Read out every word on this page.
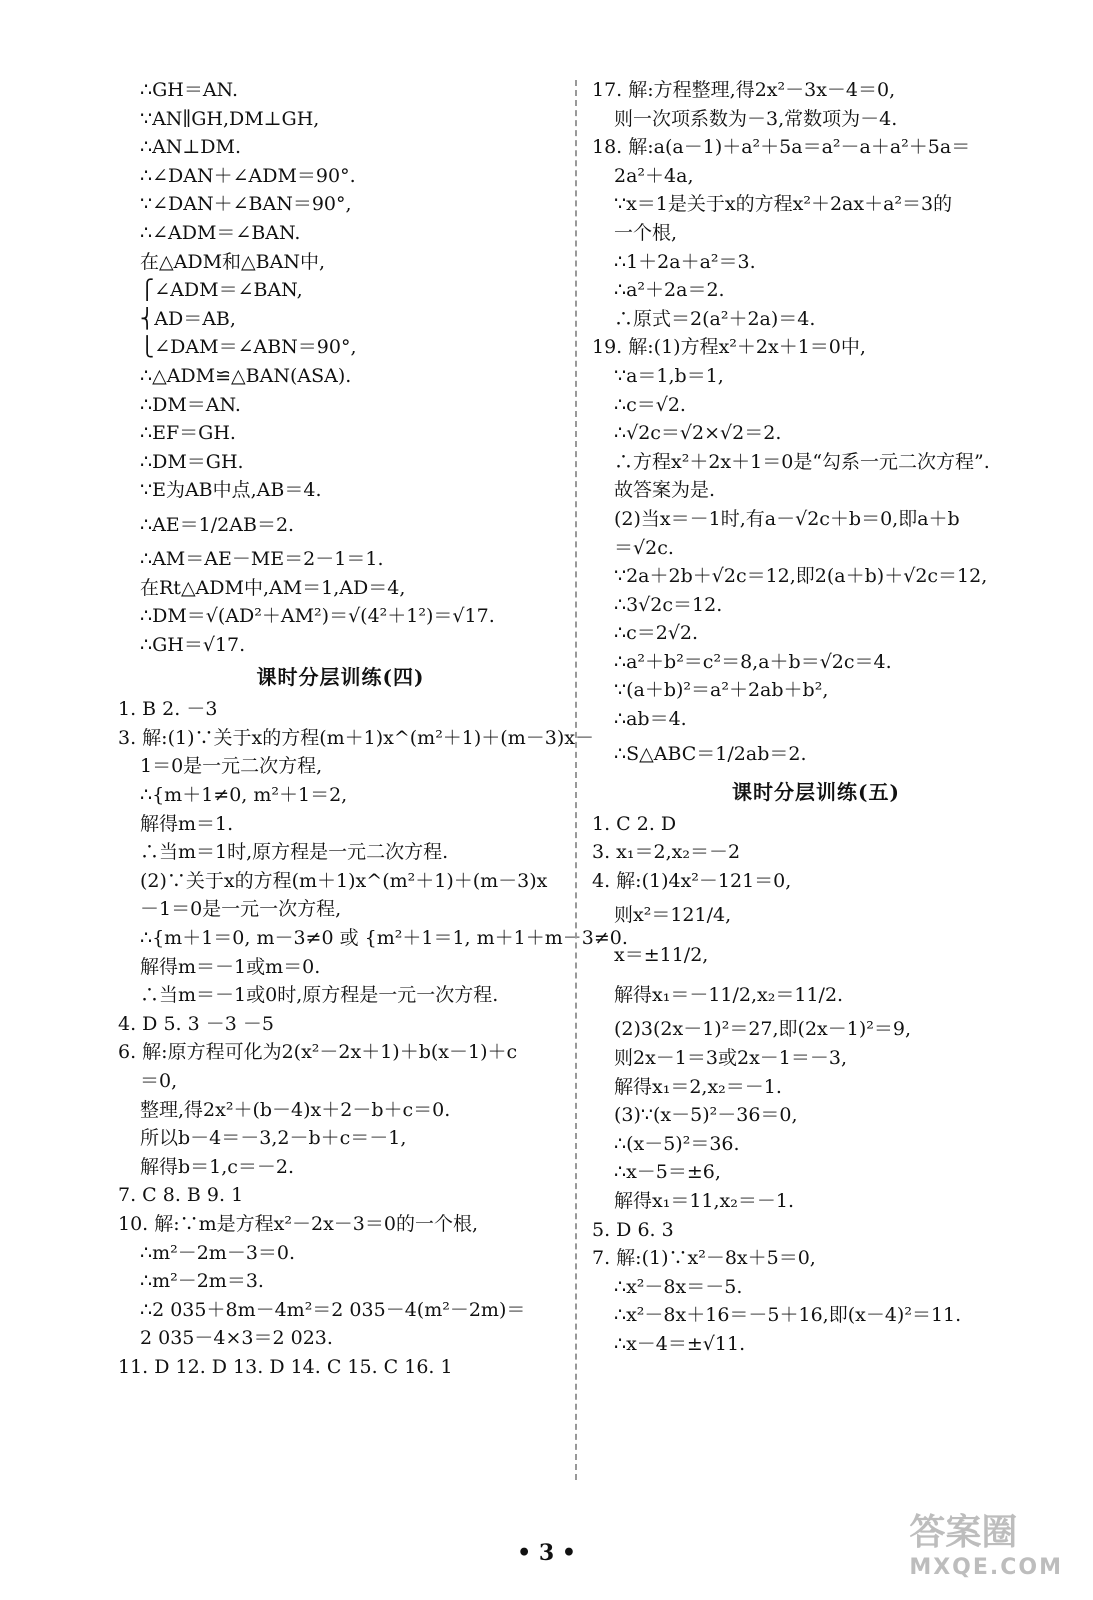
∴GH＝AN.
∵AN∥GH,DM⊥GH,
∴AN⊥DM.
∴∠DAN＋∠ADM＝90°.
∵∠DAN＋∠BAN＝90°,
∴∠ADM＝∠BAN.
在△ADM和△BAN中,
⎧∠ADM＝∠BAN,
⎨AD＝AB,
⎩∠DAM＝∠ABN＝90°,
∴△ADM≌△BAN(ASA).
∴DM＝AN.
∴EF＝GH.
∴DM＝GH.
∵E为AB中点,AB＝4.
∴AE＝1/2AB＝2.
∴AM＝AE－ME＝2－1＝1.
在Rt△ADM中,AM＝1,AD＝4,
∴DM＝√(AD²＋AM²)＝√(4²＋1²)＝√17.
∴GH＝√17.
课时分层训练(四)
1. B 2. －3
3. 解:(1)∵关于x的方程(m＋1)x^(m²＋1)＋(m－3)x－
1＝0是一元二次方程,
∴{m＋1≠0, m²＋1＝2,
解得m＝1.
∴当m＝1时,原方程是一元二次方程.
(2)∵关于x的方程(m＋1)x^(m²＋1)＋(m－3)x
－1＝0是一元一次方程,
∴{m＋1＝0, m－3≠0 或 {m²＋1＝1, m＋1＋m－3≠0.
解得m＝－1或m＝0.
∴当m＝－1或0时,原方程是一元一次方程.
4. D 5. 3 －3 －5
6. 解:原方程可化为2(x²－2x＋1)＋b(x－1)＋c
＝0,
整理,得2x²＋(b－4)x＋2－b＋c＝0.
所以b－4＝－3,2－b＋c＝－1,
解得b＝1,c＝－2.
7. C 8. B 9. 1
10. 解:∵m是方程x²－2x－3＝0的一个根,
∴m²－2m－3＝0.
∴m²－2m＝3.
∴2 035＋8m－4m²＝2 035－4(m²－2m)＝
2 035－4×3＝2 023.
11. D 12. D 13. D 14. C 15. C 16. 1
17. 解:方程整理,得2x²－3x－4＝0,
则一次项系数为－3,常数项为－4.
18. 解:a(a－1)＋a²＋5a＝a²－a＋a²＋5a＝
2a²＋4a,
∵x＝1是关于x的方程x²＋2ax＋a²＝3的
一个根,
∴1＋2a＋a²＝3.
∴a²＋2a＝2.
∴原式＝2(a²＋2a)＝4.
19. 解:(1)方程x²＋2x＋1＝0中,
∵a＝1,b＝1,
∴c＝√2.
∴√2c＝√2×√2＝2.
∴方程x²＋2x＋1＝0是“勾系一元二次方程”.
故答案为是.
(2)当x＝－1时,有a－√2c＋b＝0,即a＋b
＝√2c.
∵2a＋2b＋√2c＝12,即2(a＋b)＋√2c＝12,
∴3√2c＝12.
∴c＝2√2.
∴a²＋b²＝c²＝8,a＋b＝√2c＝4.
∵(a＋b)²＝a²＋2ab＋b²,
∴ab＝4.
∴S△ABC＝1/2ab＝2.
课时分层训练(五)
1. C 2. D
3. x₁＝2,x₂＝－2
4. 解:(1)4x²－121＝0,
则x²＝121/4,
x＝±11/2,
解得x₁＝－11/2,x₂＝11/2.
(2)3(2x－1)²＝27,即(2x－1)²＝9,
则2x－1＝3或2x－1＝－3,
解得x₁＝2,x₂＝－1.
(3)∵(x－5)²－36＝0,
∴(x－5)²＝36.
∴x－5＝±6,
解得x₁＝11,x₂＝－1.
5. D 6. 3
7. 解:(1)∵x²－8x＋5＝0,
∴x²－8x＝－5.
∴x²－8x＋16＝－5＋16,即(x－4)²＝11.
∴x－4＝±√11.
• 3 •	答案圈
MXQE.COM
